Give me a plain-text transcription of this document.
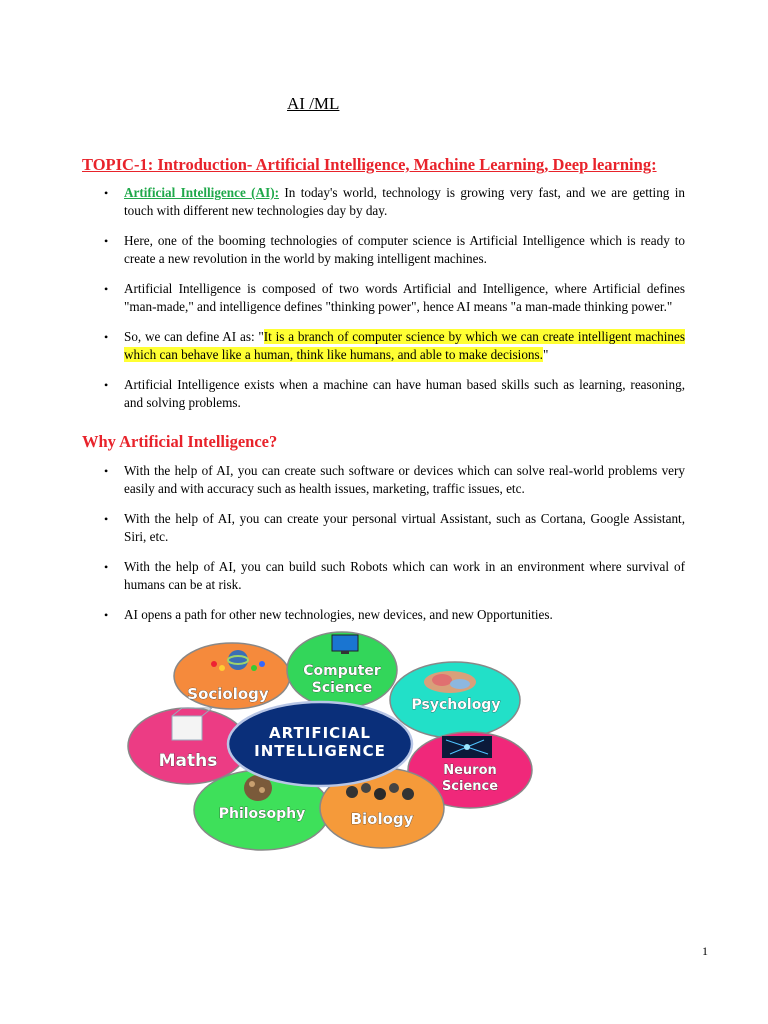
AI /ML
TOPIC-1: Introduction- Artificial Intelligence, Machine Learning, Deep learning:
• Artificial Intelligence (AI): In today's world, technology is growing very fast, and we are getting in touch with different new technologies day by day.
• Here, one of the booming technologies of computer science is Artificial Intelligence which is ready to create a new revolution in the world by making intelligent machines.
• Artificial Intelligence is composed of two words Artificial and Intelligence, where Artificial defines "man-made," and intelligence defines "thinking power", hence AI means "a man-made thinking power."
• So, we can define AI as: "It is a branch of computer science by which we can create intelligent machines which can behave like a human, think like humans, and able to make decisions."
• Artificial Intelligence exists when a machine can have human based skills such as learning, reasoning, and solving problems.
Why Artificial Intelligence?
• With the help of AI, you can create such software or devices which can solve real-world problems very easily and with accuracy such as health issues, marketing, traffic issues, etc.
• With the help of AI, you can create your personal virtual Assistant, such as Cortana, Google Assistant, Siri, etc.
• With the help of AI, you can build such Robots which can work in an environment where survival of humans can be at risk.
• AI opens a path for other new technologies, new devices, and new Opportunities.
Sociology
Computer
Science
Psychology
Maths	Neuron
Science
Philosophy	Biology
ARTIFICIAL
INTELLIGENCE
1
